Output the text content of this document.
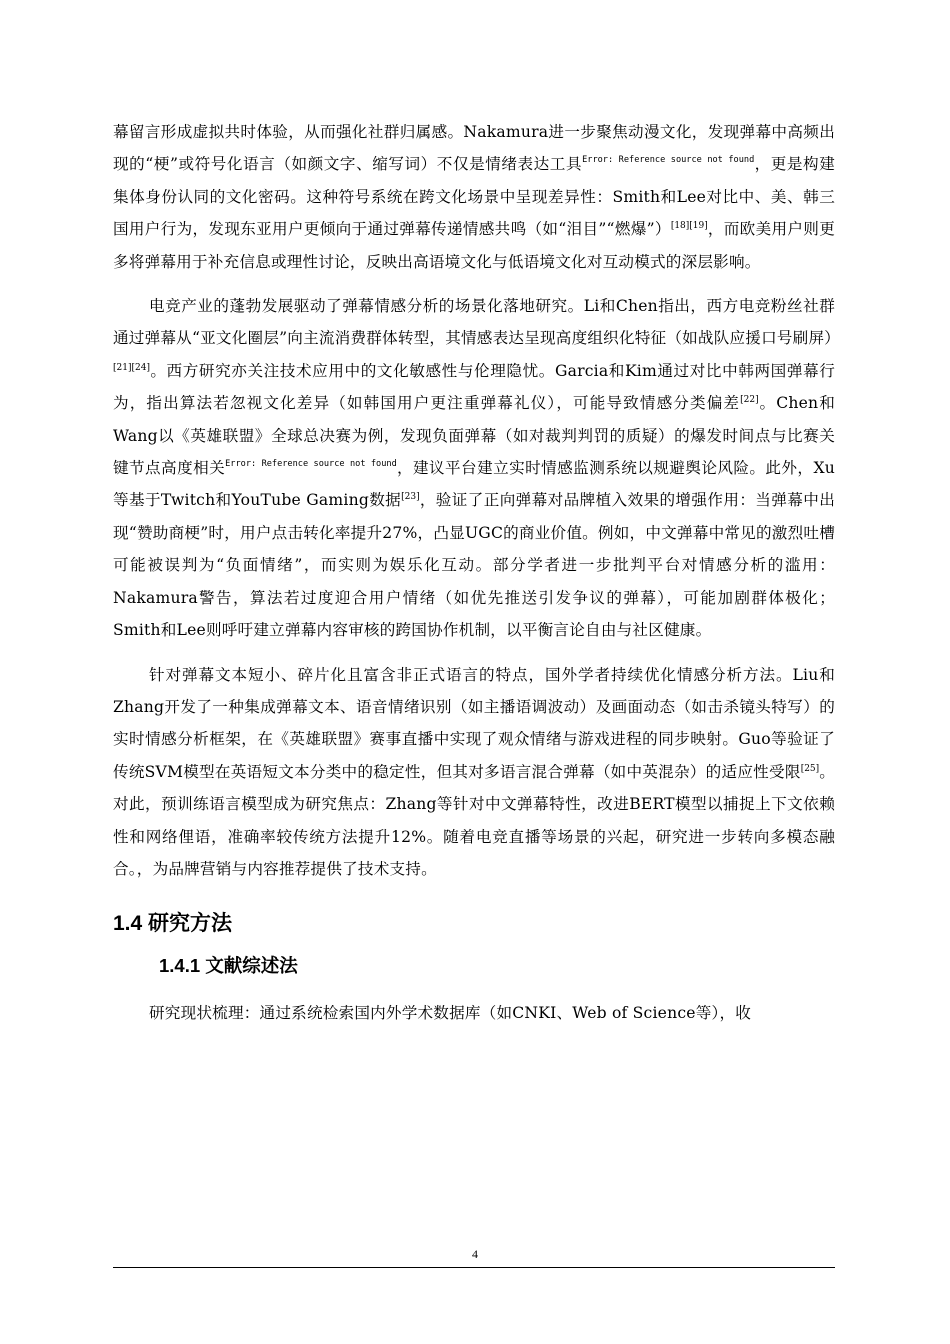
幕留言形成虚拟共时体验，从而强化社群归属感。Nakamura进一步聚焦动漫文化，发现弹幕中高频出现的“梗”或符号化语言（如颜文字、缩写词）不仅是情绪表达工具$^{Error: Reference source not found}$，更是构建集体身份认同的文化密码。这种符号系统在跨文化场景中呈现差异性：Smith和Lee对比中、美、韩三国用户行为，发现东亚用户更倾向于通过弹幕传递情感共鸣（如“泪目”“燃爆”）[18][19]，而欧美用户则更多将弹幕用于补充信息或理性讨论，反映出高语境文化与低语境文化对互动模式的深层影响。

电竞产业的蓬勃发展驱动了弹幕情感分析的场景化落地研究。Li和Chen指出，西方电竞粉丝社群通过弹幕从“亚文化圈层”向主流消费群体转型，其情感表达呈现高度组织化特征（如战队应援口号刷屏）[21][24]。西方研究亦关注技术应用中的文化敏感性与伦理隐忧。Garcia和Kim通过对比中韩两国弹幕行为，指出算法若忽视文化差异（如韩国用户更注重弹幕礼仪），可能导致情感分类偏差[22]。Chen和Wang以《英雄联盟》全球总决赛为例，发现负面弹幕（如对裁判判罚的质疑）的爆发时间点与比赛关键节点高度相关$^{Error: Reference source not found}$，建议平台建立实时情感监测系统以规避舆论风险。此外，Xu等基于Twitch和YouTube Gaming数据[23]，验证了正向弹幕对品牌植入效果的增强作用：当弹幕中出现“赞助商梗”时，用户点击转化率提升27%，凸显UGC的商业价值。例如，中文弹幕中常见的激烈吐槽可能被误判为“负面情绪”，而实则为娱乐化互动。部分学者进一步批判平台对情感分析的滥用：Nakamura警告，算法若过度迎合用户情绪（如优先推送引发争议的弹幕），可能加剧群体极化；Smith和Lee则呼吁建立弹幕内容审核的跨国协作机制，以平衡言论自由与社区健康。

针对弹幕文本短小、碎片化且富含非正式语言的特点，国外学者持续优化情感分析方法。Liu和Zhang开发了一种集成弹幕文本、语音情绪识别（如主播语调波动）及画面动态（如击杀镜头特写）的实时情感分析框架，在《英雄联盟》赛事直播中实现了观众情绪与游戏进程的同步映射。Guo等验证了传统SVM模型在英语短文本分类中的稳定性，但其对多语言混合弹幕（如中英混杂）的适应性受限[25]。对此，预训练语言模型成为研究焦点：Zhang等针对中文弹幕特性，改进BERT模型以捕捉上下文依赖性和网络俚语，准确率较传统方法提升12%。随着电竞直播等场景的兴起，研究进一步转向多模态融合。，为品牌营销与内容推荐提供了技术支持。

1.4 研究方法
1.4.1 文献综述法

研究现状梳理：通过系统检索国内外学术数据库（如CNKI、Web of Science等），收

4
